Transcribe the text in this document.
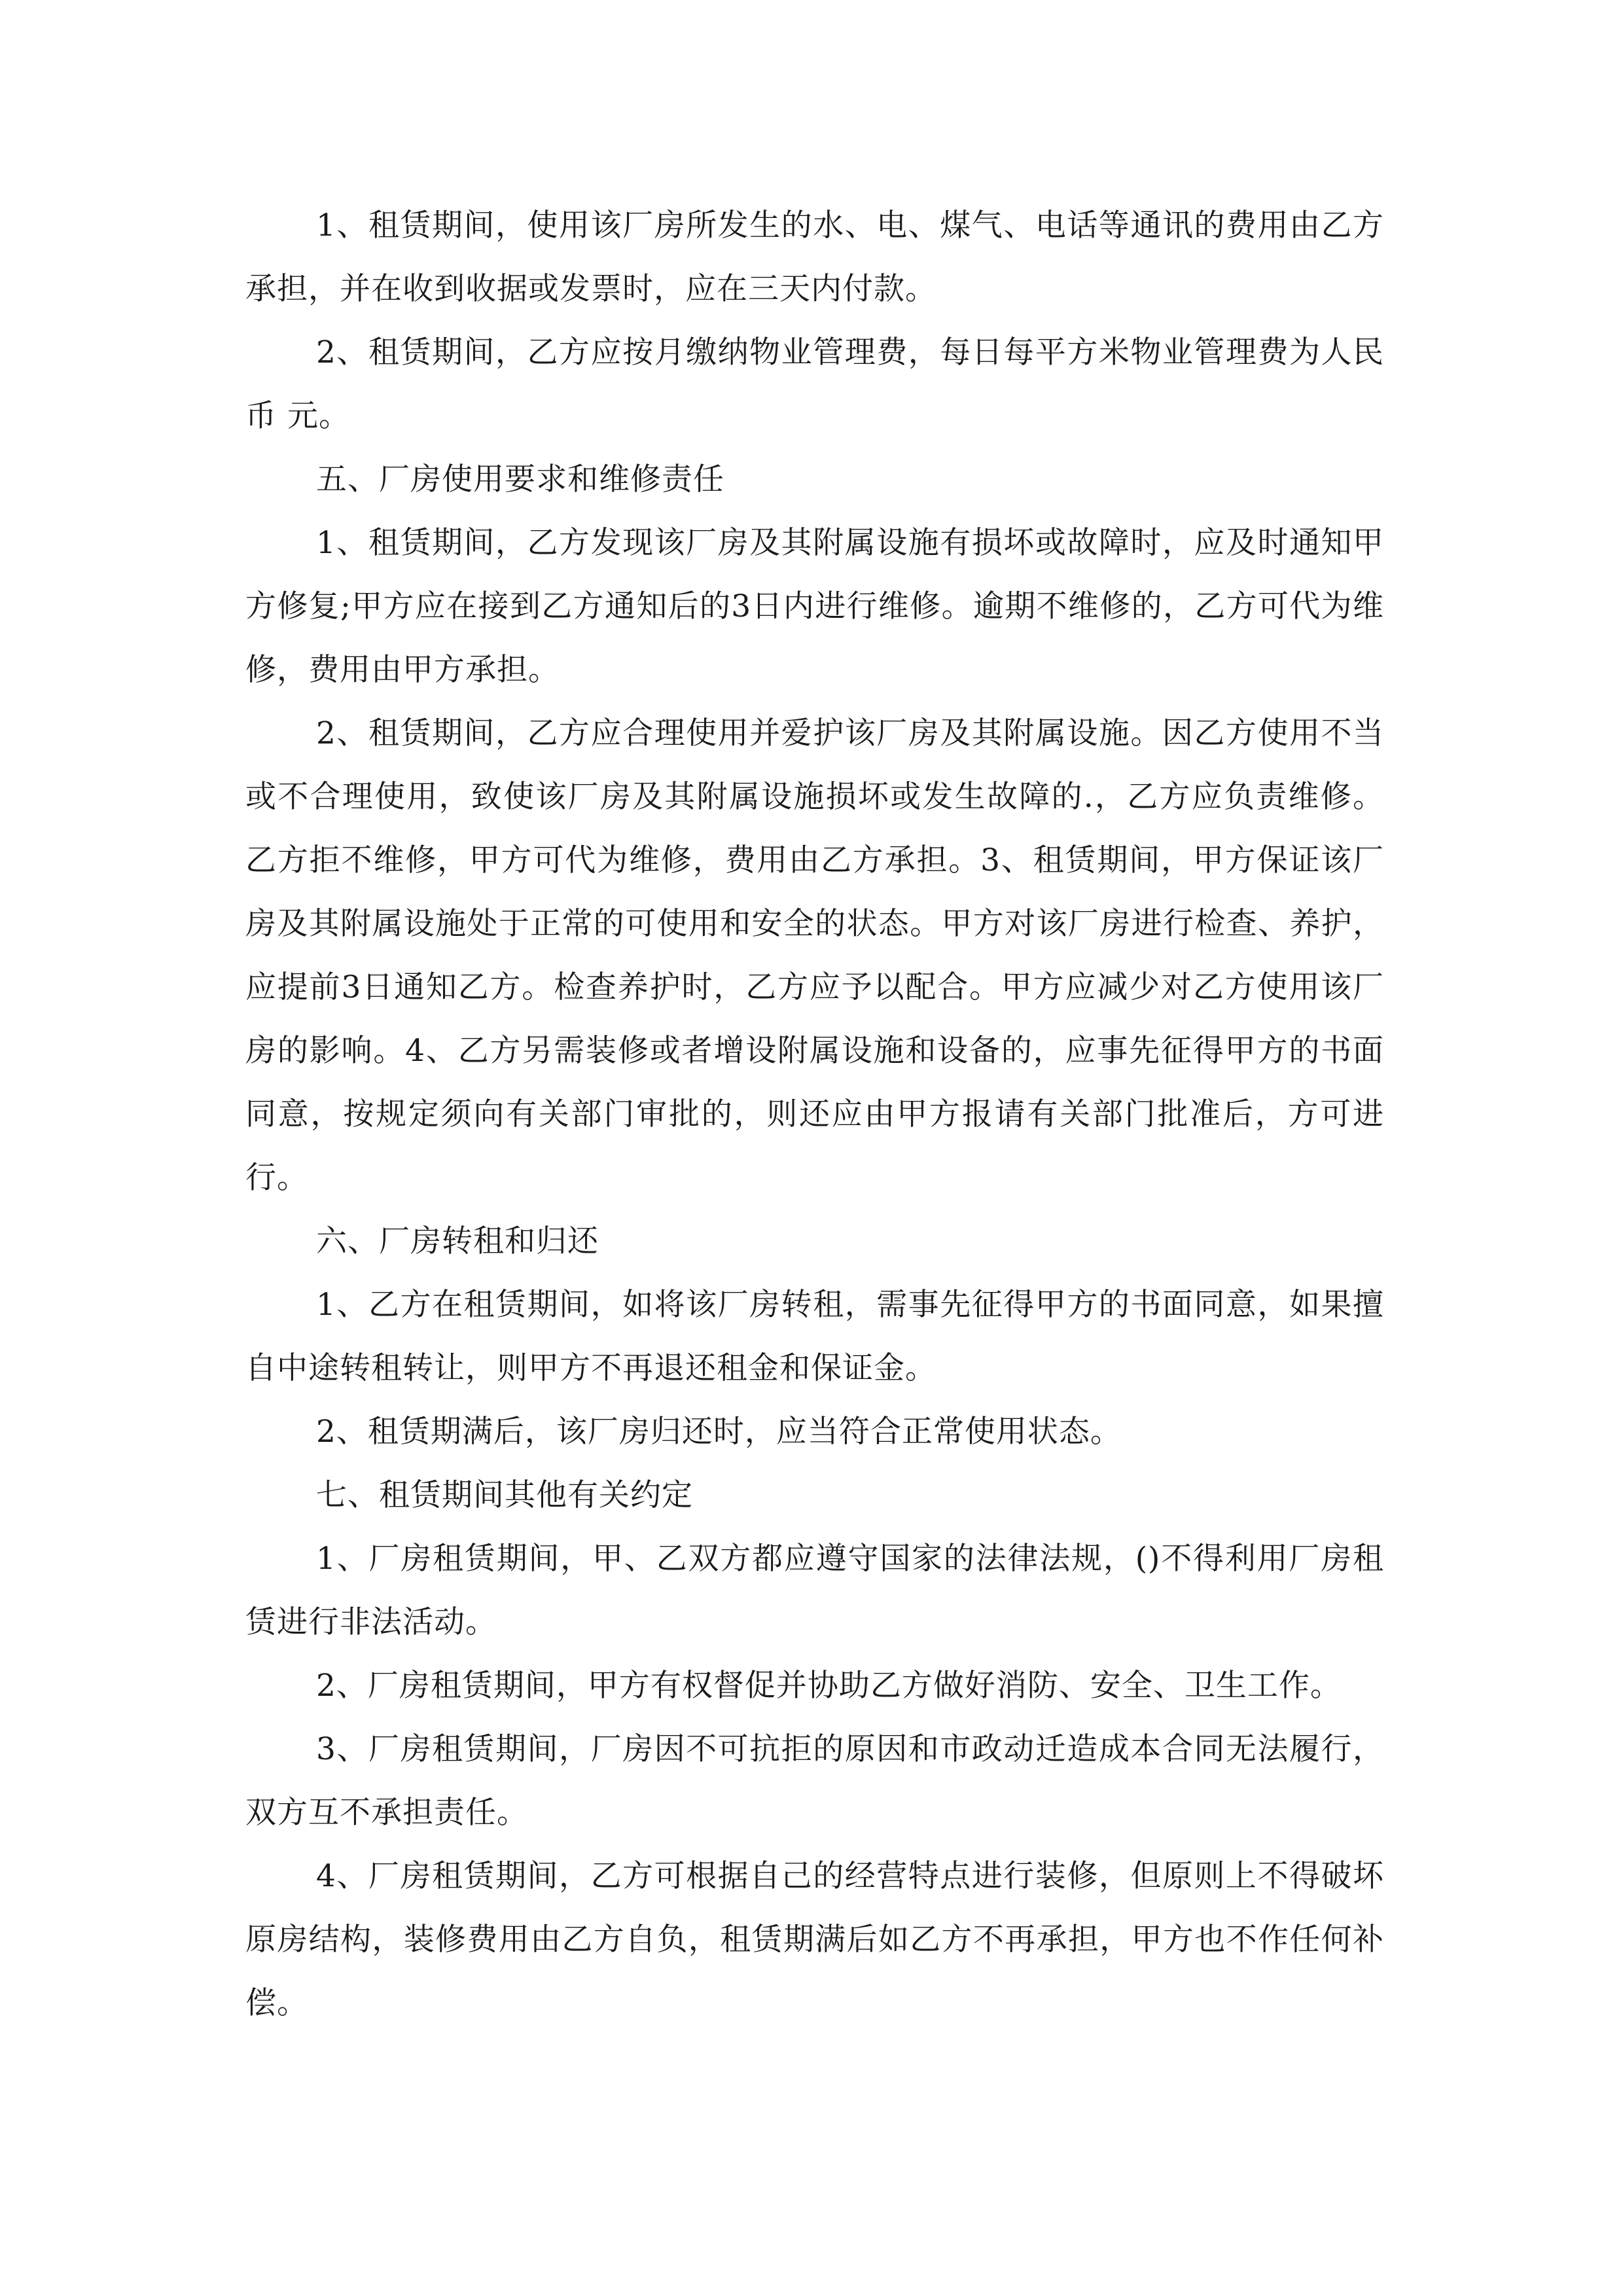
1、租赁期间，使用该厂房所发生的水、电、煤气、电话等通讯的费用由乙方承担，并在收到收据或发票时，应在三天内付款。

2、租赁期间，乙方应按月缴纳物业管理费，每日每平方米物业管理费为人民币 元。

五、厂房使用要求和维修责任

1、租赁期间，乙方发现该厂房及其附属设施有损坏或故障时，应及时通知甲方修复;甲方应在接到乙方通知后的3日内进行维修。逾期不维修的，乙方可代为维修，费用由甲方承担。

2、租赁期间，乙方应合理使用并爱护该厂房及其附属设施。因乙方使用不当或不合理使用，致使该厂房及其附属设施损坏或发生故障的.，乙方应负责维修。乙方拒不维修，甲方可代为维修，费用由乙方承担。3、租赁期间，甲方保证该厂房及其附属设施处于正常的可使用和安全的状态。甲方对该厂房进行检查、养护，应提前3日通知乙方。检查养护时，乙方应予以配合。甲方应减少对乙方使用该厂房的影响。4、乙方另需装修或者增设附属设施和设备的，应事先征得甲方的书面同意，按规定须向有关部门审批的，则还应由甲方报请有关部门批准后，方可进行。

六、厂房转租和归还

1、乙方在租赁期间，如将该厂房转租，需事先征得甲方的书面同意，如果擅自中途转租转让，则甲方不再退还租金和保证金。

2、租赁期满后，该厂房归还时，应当符合正常使用状态。

七、租赁期间其他有关约定

1、厂房租赁期间，甲、乙双方都应遵守国家的法律法规，()不得利用厂房租赁进行非法活动。

2、厂房租赁期间，甲方有权督促并协助乙方做好消防、安全、卫生工作。

3、厂房租赁期间，厂房因不可抗拒的原因和市政动迁造成本合同无法履行，双方互不承担责任。

4、厂房租赁期间，乙方可根据自己的经营特点进行装修，但原则上不得破坏原房结构，装修费用由乙方自负，租赁期满后如乙方不再承担，甲方也不作任何补偿。
